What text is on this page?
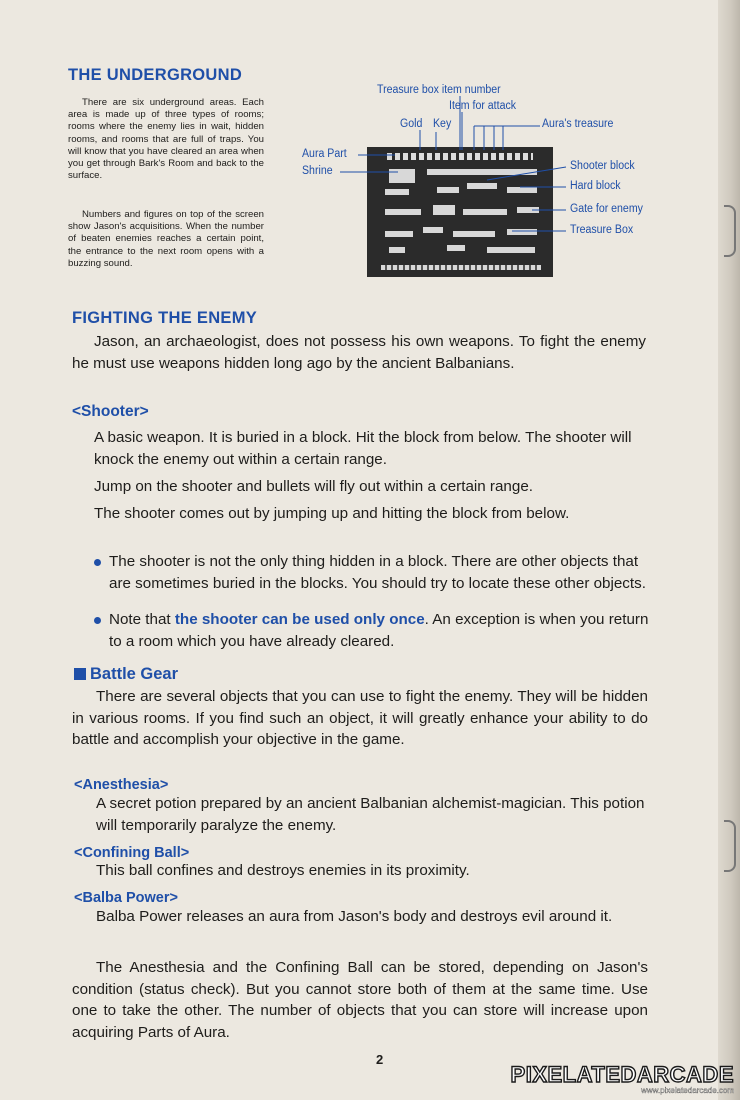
THE UNDERGROUND

There are six underground areas. Each area is made up of three types of rooms; rooms where the enemy lies in wait, hidden rooms, and rooms that are full of traps. You will know that you have cleared an area when you get through Bark's Room and back to the surface.

Numbers and figures on top of the screen show Jason's acquisitions. When the number of beaten enemies reaches a certain point, the entrance to the next room opens with a buzzing sound.

Treasure box item number
Item for attack
Gold Key	Aura's treasure
Aura Part
Shrine	Shooter block
Hard block
Gate for enemy
Treasure Box
FIGHTING THE ENEMY

Jason, an archaeologist, does not possess his own weapons. To fight the enemy he must use weapons hidden long ago by the ancient Balbanians.

<Shooter>

A basic weapon. It is buried in a block. Hit the block from below. The shooter will knock the enemy out within a certain range.

Jump on the shooter and bullets will fly out within a certain range.

The shooter comes out by jumping up and hitting the block from below.

The shooter is not the only thing hidden in a block. There are other objects that are sometimes buried in the blocks. You should try to locate these other objects.

Note that the shooter can be used only once. An exception is when you return to a room which you have already cleared.

Battle Gear

There are several objects that you can use to fight the enemy. They will be hidden in various rooms. If you find such an object, it will greatly enhance your ability to do battle and accomplish your objective in the game.

<Anesthesia>

A secret potion prepared by an ancient Balbanian alchemist-magician. This potion will temporarily paralyze the enemy.

<Confining Ball>

This ball confines and destroys enemies in its proximity.

<Balba Power>

Balba Power releases an aura from Jason's body and destroys evil around it.

The Anesthesia and the Confining Ball can be stored, depending on Jason's condition (status check). But you cannot store both of them at the same time. Use one to take the other. The number of objects that you can store will increase upon acquiring Parts of Aura.

2
PIXELATEDARCADE
www.pixelatedarcade.com
